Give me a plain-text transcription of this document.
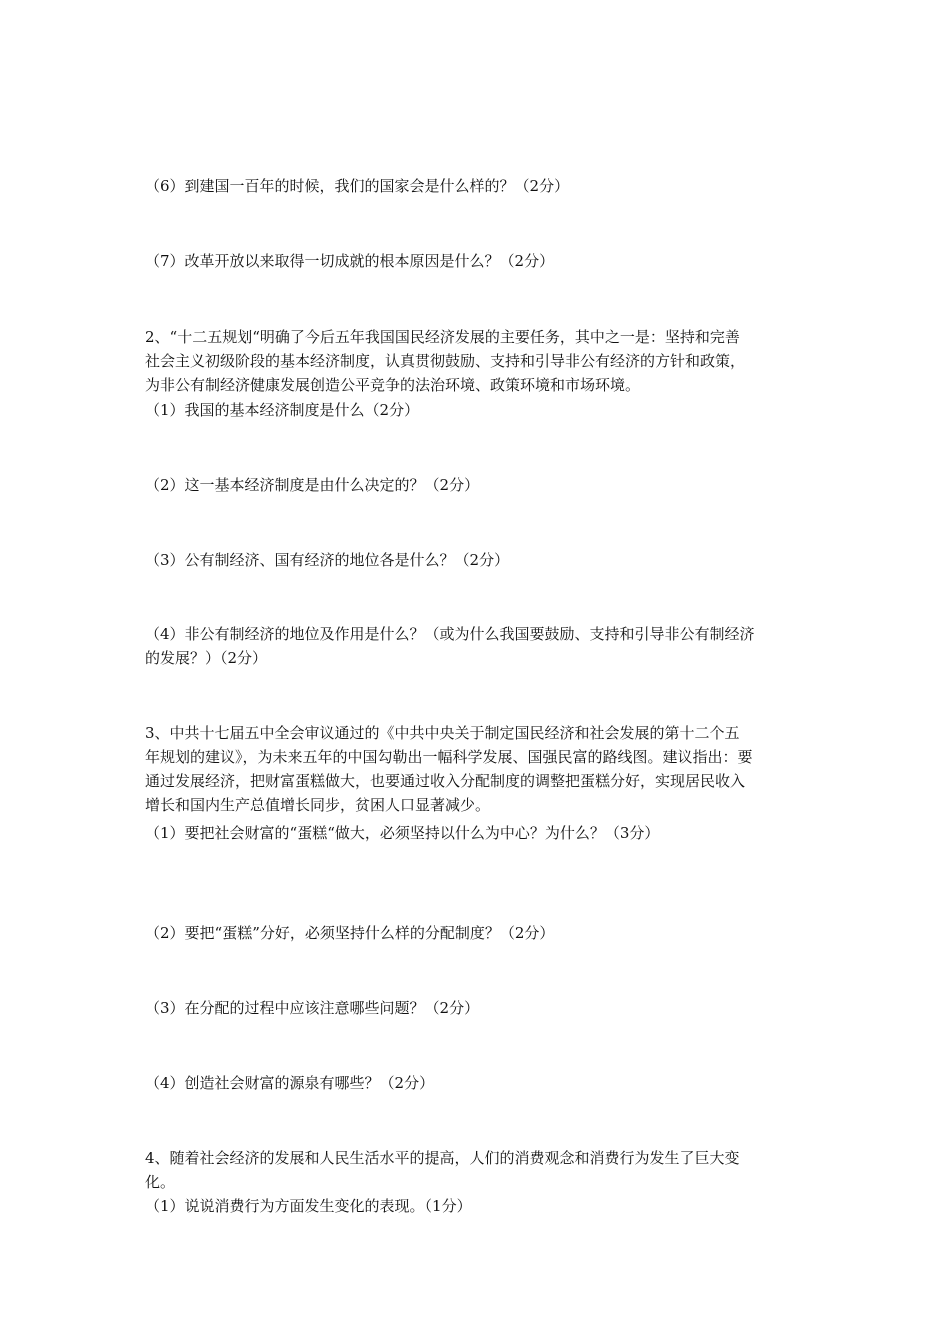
（6）到建国一百年的时候，我们的国家会是什么样的？（2分）
（7）改革开放以来取得一切成就的根本原因是什么？（2分）
2、“十二五规划“明确了今后五年我国国民经济发展的主要任务，其中之一是：坚持和完善
社会主义初级阶段的基本经济制度，认真贯彻鼓励、支持和引导非公有经济的方针和政策，
为非公有制经济健康发展创造公平竞争的法治环境、政策环境和市场环境。
（1）我国的基本经济制度是什么（2分）
（2）这一基本经济制度是由什么决定的？（2分）
（3）公有制经济、国有经济的地位各是什么？（2分）
（4）非公有制经济的地位及作用是什么？（或为什么我国要鼓励、支持和引导非公有制经济
的发展？）（2分）
3、中共十七届五中全会审议通过的《中共中央关于制定国民经济和社会发展的第十二个五
年规划的建议》，为未来五年的中国勾勒出一幅科学发展、国强民富的路线图。建议指出：要
通过发展经济，把财富蛋糕做大，也要通过收入分配制度的调整把蛋糕分好，实现居民收入
增长和国内生产总值增长同步，贫困人口显著减少。
（1）要把社会财富的“蛋糕“做大，必须坚持以什么为中心？为什么？（3分）
（2）要把“蛋糕”分好，必须坚持什么样的分配制度？（2分）
（3）在分配的过程中应该注意哪些问题？（2分）
（4）创造社会财富的源泉有哪些？（2分）
4、随着社会经济的发展和人民生活水平的提高，人们的消费观念和消费行为发生了巨大变
化。
（1）说说消费行为方面发生变化的表现。（1分）
